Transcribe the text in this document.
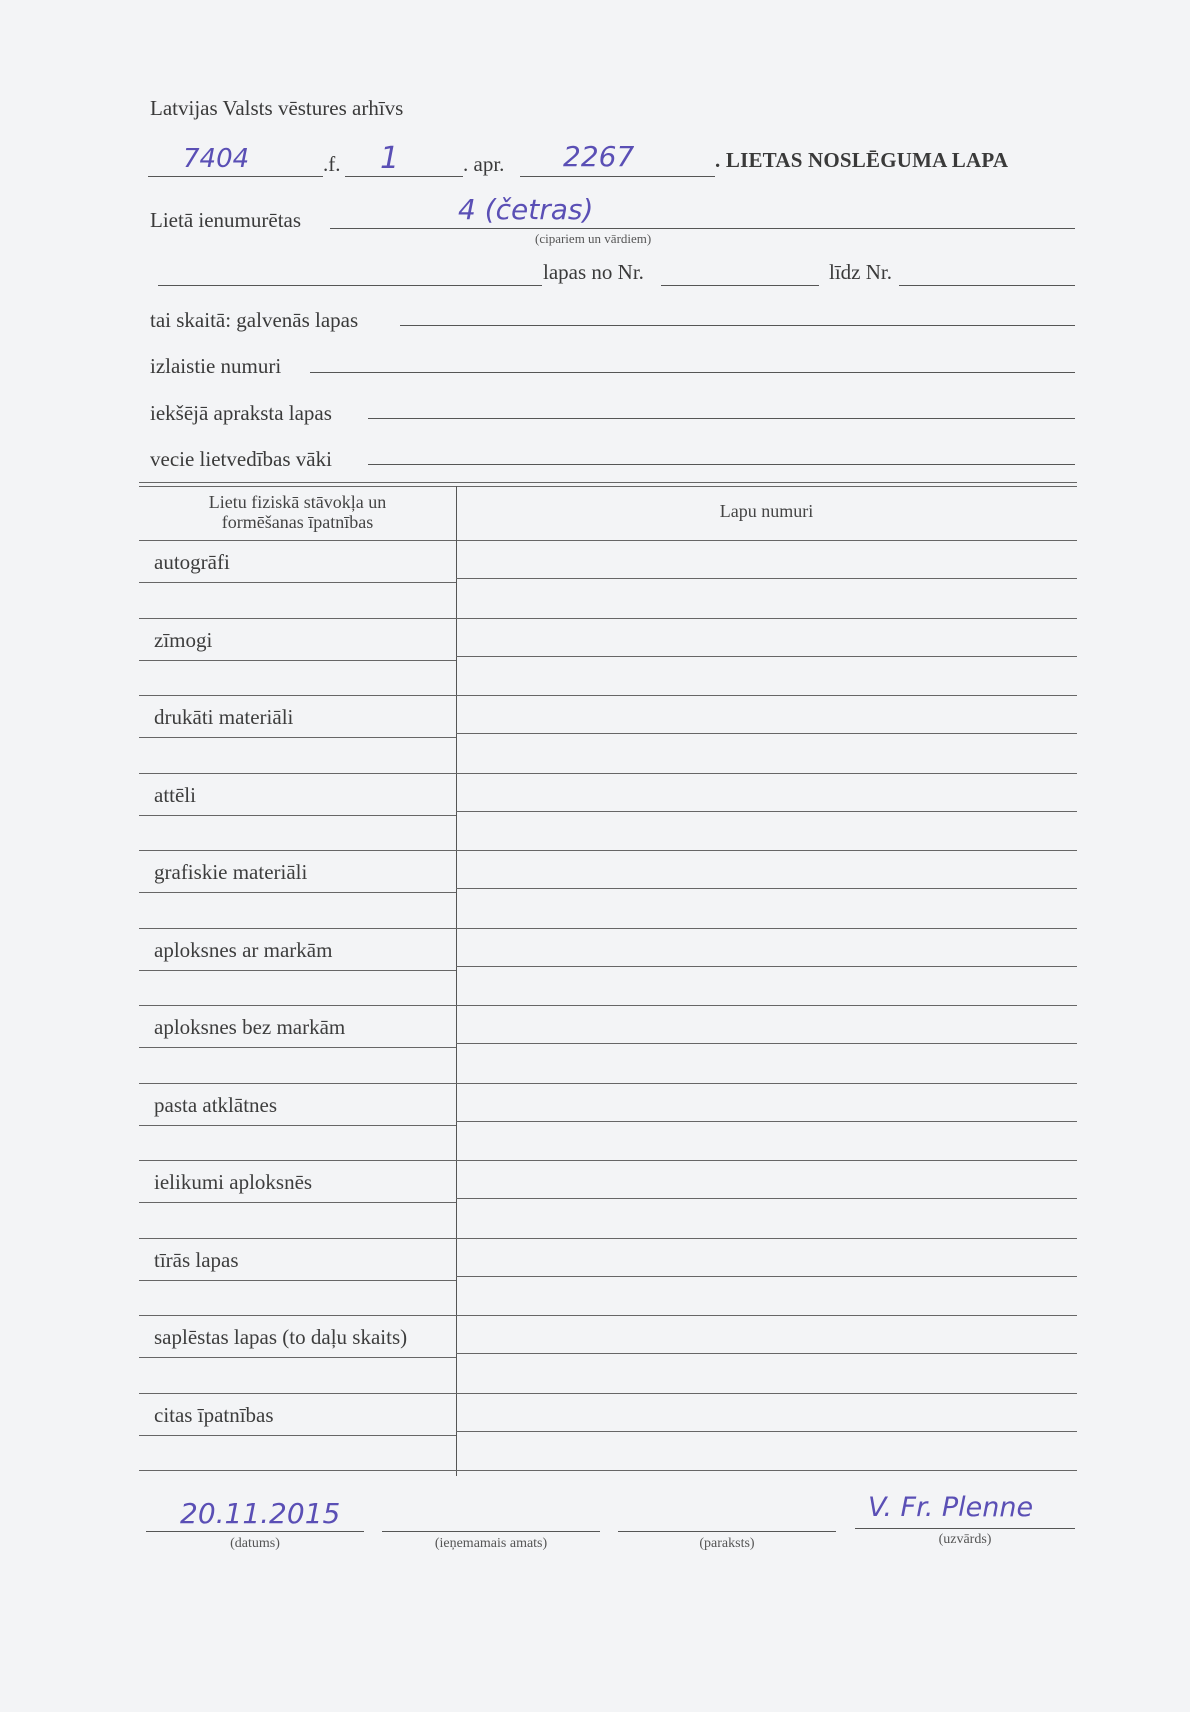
Latvijas Valsts vēstures arhīvs
7404	.f. 1	. apr. 2267	. LIETAS NOSLĒGUMA LAPA
Lietā ienumurētas	4 (četras)
(cipariem un vārdiem)
lapas no Nr.	līdz Nr.
tai skaitā: galvenās lapas
izlaistie numuri
iekšējā apraksta lapas
vecie lietvedības vāki
Lietu fiziskā stāvokļa un formēšanas īpatnības
Lapu numuri
autogrāfi
zīmogi
drukāti materiāli
attēli
grafiskie materiāli
aploksnes ar markām
aploksnes bez markām
pasta atklātnes
ielikumi aploksnēs
tīrās lapas
saplēstas lapas (to daļu skaits)
citas īpatnības
20.11.2015
(datums)	(ieņemamais amats)	(paraksts)
V. Fr. Plenne
(uzvārds)
